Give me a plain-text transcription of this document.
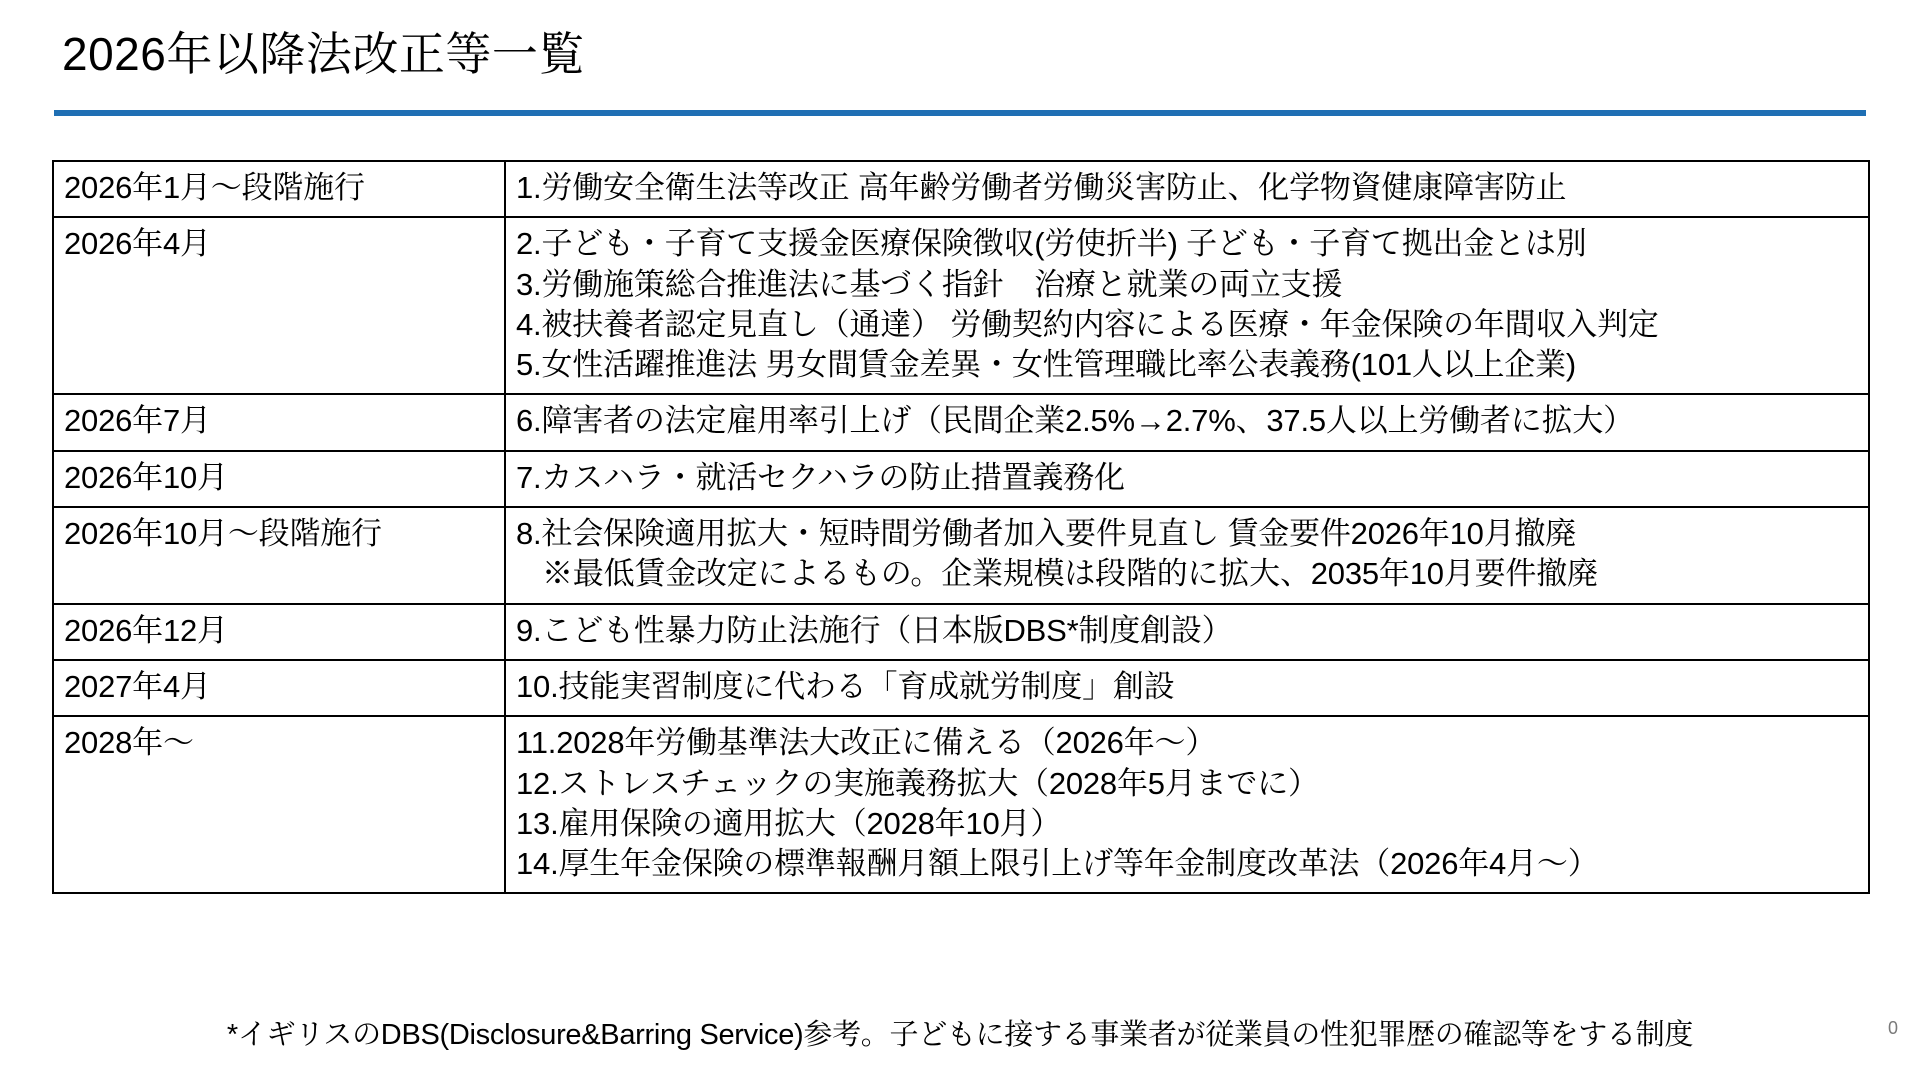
2026年以降法改正等一覧
2026年1月〜段階施行	1.労働安全衛生法等改正 高年齢労働者労働災害防止、化学物資健康障害防止

2026年4月	2.子ども・子育て支援金医療保険徴収(労使折半) 子ども・子育て拠出金とは別
3.労働施策総合推進法に基づく指針　治療と就業の両立支援
4.被扶養者認定見直し（通達） 労働契約内容による医療・年金保険の年間収入判定
5.女性活躍推進法 男女間賃金差異・女性管理職比率公表義務(101人以上企業)

2026年7月	6.障害者の法定雇用率引上げ（民間企業2.5%→2.7%、37.5人以上労働者に拡大）

2026年10月	7.カスハラ・就活セクハラの防止措置義務化

2026年10月〜段階施行	8.社会保険適用拡大・短時間労働者加入要件見直し 賃金要件2026年10月撤廃
※最低賃金改定によるもの。企業規模は段階的に拡大、2035年10月要件撤廃

2026年12月	9.こども性暴力防止法施行（日本版DBS*制度創設）

2027年4月	10.技能実習制度に代わる「育成就労制度」創設

2028年〜	11.2028年労働基準法大改正に備える（2026年〜）
12.ストレスチェックの実施義務拡大（2028年5月までに）
13.雇用保険の適用拡大（2028年10月）
14.厚生年金保険の標準報酬月額上限引上げ等年金制度改革法（2026年4月〜）
*イギリスのDBS(Disclosure&Barring Service)参考。子どもに接する事業者が従業員の性犯罪歴の確認等をする制度	0
